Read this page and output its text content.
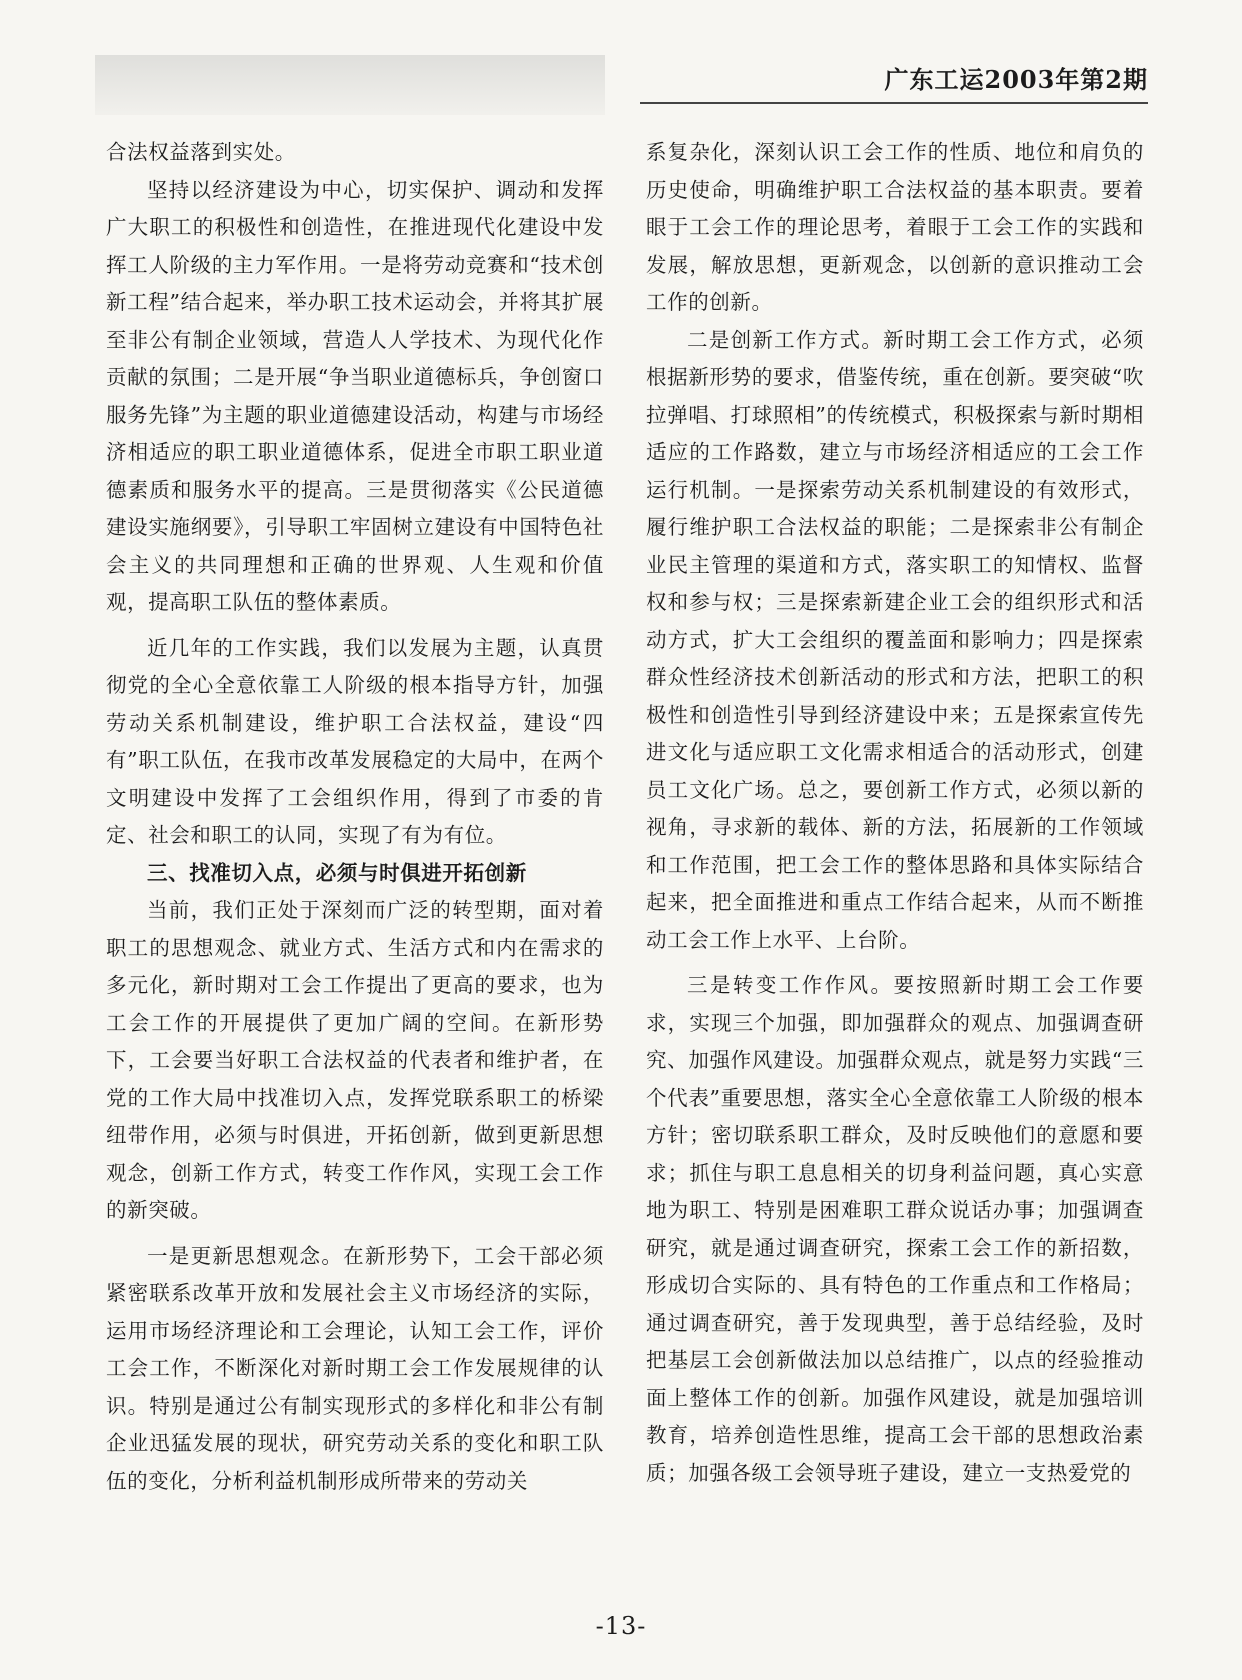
广东工运2003年第2期

合法权益落到实处。

坚持以经济建设为中心，切实保护、调动和发挥广大职工的积极性和创造性，在推进现代化建设中发挥工人阶级的主力军作用。一是将劳动竞赛和“技术创新工程”结合起来，举办职工技术运动会，并将其扩展至非公有制企业领域，营造人人学技术、为现代化作贡献的氛围；二是开展“争当职业道德标兵，争创窗口服务先锋”为主题的职业道德建设活动，构建与市场经济相适应的职工职业道德体系，促进全市职工职业道德素质和服务水平的提高。三是贯彻落实《公民道德建设实施纲要》，引导职工牢固树立建设有中国特色社会主义的共同理想和正确的世界观、人生观和价值观，提高职工队伍的整体素质。

近几年的工作实践，我们以发展为主题，认真贯彻党的全心全意依靠工人阶级的根本指导方针，加强劳动关系机制建设，维护职工合法权益，建设“四有”职工队伍，在我市改革发展稳定的大局中，在两个文明建设中发挥了工会组织作用，得到了市委的肯定、社会和职工的认同，实现了有为有位。

三、找准切入点，必须与时俱进开拓创新

当前，我们正处于深刻而广泛的转型期，面对着职工的思想观念、就业方式、生活方式和内在需求的多元化，新时期对工会工作提出了更高的要求，也为工会工作的开展提供了更加广阔的空间。在新形势下，工会要当好职工合法权益的代表者和维护者，在党的工作大局中找准切入点，发挥党联系职工的桥梁纽带作用，必须与时俱进，开拓创新，做到更新思想观念，创新工作方式，转变工作作风，实现工会工作的新突破。

一是更新思想观念。在新形势下，工会干部必须紧密联系改革开放和发展社会主义市场经济的实际，运用市场经济理论和工会理论，认知工会工作，评价工会工作，不断深化对新时期工会工作发展规律的认识。特别是通过公有制实现形式的多样化和非公有制企业迅猛发展的现状，研究劳动关系的变化和职工队伍的变化，分析利益机制形成所带来的劳动关

系复杂化，深刻认识工会工作的性质、地位和肩负的历史使命，明确维护职工合法权益的基本职责。要着眼于工会工作的理论思考，着眼于工会工作的实践和发展，解放思想，更新观念，以创新的意识推动工会工作的创新。

二是创新工作方式。新时期工会工作方式，必须根据新形势的要求，借鉴传统，重在创新。要突破“吹拉弹唱、打球照相”的传统模式，积极探索与新时期相适应的工作路数，建立与市场经济相适应的工会工作运行机制。一是探索劳动关系机制建设的有效形式，履行维护职工合法权益的职能；二是探索非公有制企业民主管理的渠道和方式，落实职工的知情权、监督权和参与权；三是探索新建企业工会的组织形式和活动方式，扩大工会组织的覆盖面和影响力；四是探索群众性经济技术创新活动的形式和方法，把职工的积极性和创造性引导到经济建设中来；五是探索宣传先进文化与适应职工文化需求相适合的活动形式，创建员工文化广场。总之，要创新工作方式，必须以新的视角，寻求新的载体、新的方法，拓展新的工作领域和工作范围，把工会工作的整体思路和具体实际结合起来，把全面推进和重点工作结合起来，从而不断推动工会工作上水平、上台阶。

三是转变工作作风。要按照新时期工会工作要求，实现三个加强，即加强群众的观点、加强调查研究、加强作风建设。加强群众观点，就是努力实践“三个代表”重要思想，落实全心全意依靠工人阶级的根本方针；密切联系职工群众，及时反映他们的意愿和要求；抓住与职工息息相关的切身利益问题，真心实意地为职工、特别是困难职工群众说话办事；加强调查研究，就是通过调查研究，探索工会工作的新招数，形成切合实际的、具有特色的工作重点和工作格局；通过调查研究，善于发现典型，善于总结经验，及时把基层工会创新做法加以总结推广，以点的经验推动面上整体工作的创新。加强作风建设，就是加强培训教育，培养创造性思维，提高工会干部的思想政治素质；加强各级工会领导班子建设，建立一支热爱党的

-13-
